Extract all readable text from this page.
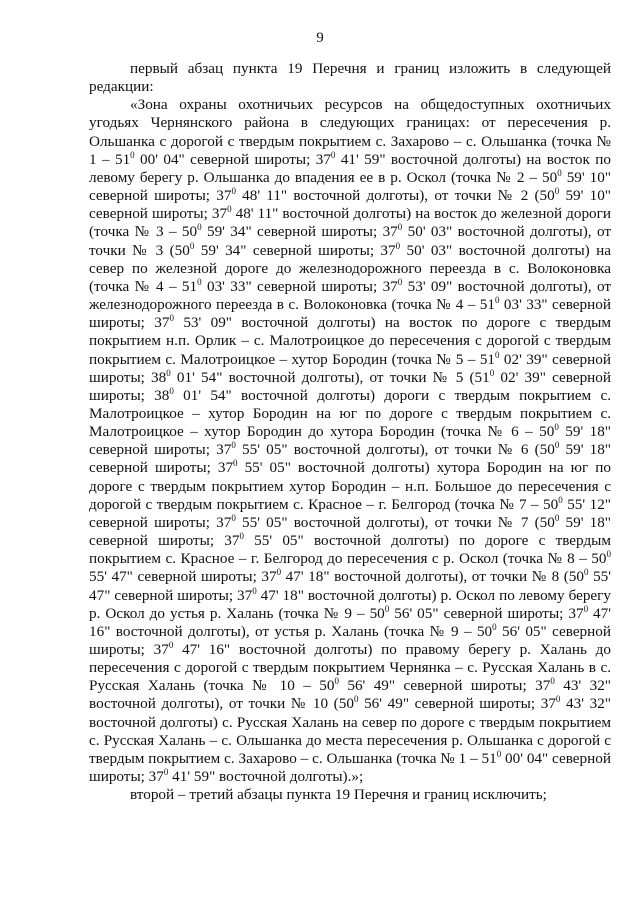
9

первый абзац пункта 19 Перечня и границ изложить в следующей редакции:

«Зона охраны охотничьих ресурсов на общедоступных охотничьих угодьях Чернянского района в следующих границах: от пересечения р. Ольшанка с дорогой с твердым покрытием с. Захарово – с. Ольшанка (точка № $1 - 51^0$ 00' 04" северной широты; $37^0$ 41' 59" восточной долготы) на восток по левому берегу р. Ольшанка до впадения ее в р. Оскол (точка № $2 - 50^0$ 59' 10" северной широты; $37^0$ 48' 11" восточной долготы), от точки № 2 ($50^0$ 59' 10" северной широты; $37^0$ 48' 11" восточной долготы) на восток до железной дороги (точка № $3 - 50^0$ 59' 34" северной широты; $37^0$ 50' 03" восточной долготы), от точки № 3 ($50^0$ 59' 34" северной широты; $37^0$ 50' 03" восточной долготы) на север по железной дороге до железнодорожного переезда в с. Волоконовка (точка № $4 - 51^0$ 03' 33" северной широты; $37^0$ 53' 09" восточной долготы), от железнодорожного переезда в с. Волоконовка (точка № $4 - 51^0$ 03' 33" северной широты; $37^0$ 53' 09" восточной долготы) на восток по дороге с твердым покрытием н.п. Орлик – с. Малотроицкое до пересечения с дорогой с твердым покрытием с. Малотроицкое – хутор Бородин (точка № $5 - 51^0$ 02' 39" северной широты; $38^0$ 01' 54" восточной долготы), от точки № 5 ($51^0$ 02' 39" северной широты; $38^0$ 01' 54" восточной долготы) дороги с твердым покрытием с. Малотроицкое – хутор Бородин на юг по дороге с твердым покрытием с. Малотроицкое – хутор Бородин до хутора Бородин (точка № $6 - 50^0$ 59' 18" северной широты; $37^0$ 55' 05" восточной долготы), от точки № 6 ($50^0$ 59' 18" северной широты; $37^0$ 55' 05" восточной долготы) хутора Бородин на юг по дороге с твердым покрытием хутор Бородин – н.п. Большое до пересечения с дорогой с твердым покрытием с. Красное – г. Белгород (точка № $7 - 50^0$ 55' 12" северной широты; $37^0$ 55' 05" восточной долготы), от точки № 7 ($50^0$ 59' 18" северной широты; $37^0$ 55' 05" восточной долготы) по дороге с твердым покрытием с. Красное – г. Белгород до пересечения с р. Оскол (точка № $8 - 50^0$ 55' 47" северной широты; $37^0$ 47' 18" восточной долготы), от точки № 8 ($50^0$ 55' 47" северной широты; $37^0$ 47' 18" восточной долготы) р. Оскол по левому берегу р. Оскол до устья р. Халань (точка № $9 - 50^0$ 56' 05" северной широты; $37^0$ 47' 16" восточной долготы), от устья р. Халань (точка № $9 - 50^0$ 56' 05" северной широты; $37^0$ 47' 16" восточной долготы) по правому берегу р. Халань до пересечения с дорогой с твердым покрытием Чернянка – с. Русская Халань в с. Русская Халань (точка № $10 - 50^0$ 56' 49" северной широты; $37^0$ 43' 32" восточной долготы), от точки № 10 ($50^0$ 56' 49" северной широты; $37^0$ 43' 32" восточной долготы) с. Русская Халань на север по дороге с твердым покрытием с. Русская Халань – с. Ольшанка до места пересечения р. Ольшанка с дорогой с твердым покрытием с. Захарово – с. Ольшанка (точка № $1 - 51^0$ 00' 04" северной широты; $37^0$ 41' 59" восточной долготы).»;

второй – третий абзацы пункта 19 Перечня и границ исключить;
